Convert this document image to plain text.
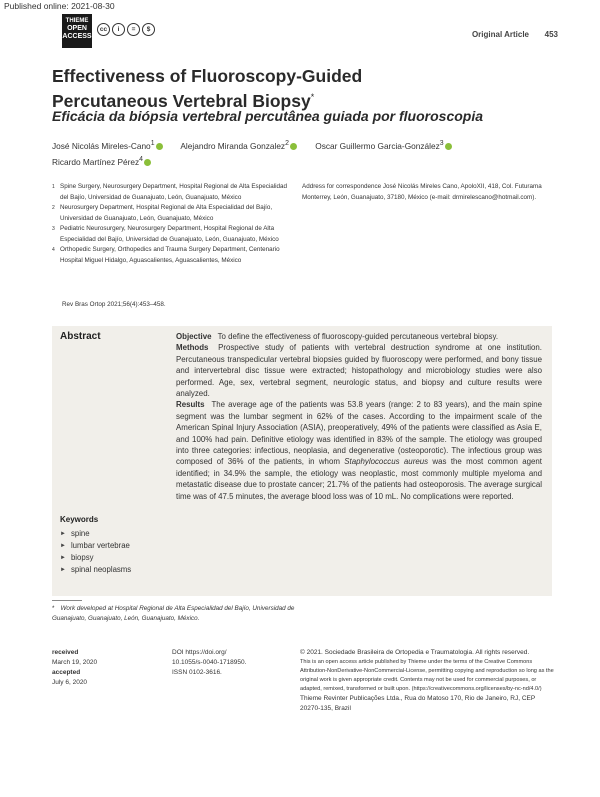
Published online: 2021-08-30
THIEME
OPEN
ACCESS
cc	i	=	$
Original Article 453
Effectiveness of Fluoroscopy-Guided
Percutaneous Vertebral Biopsy*
Eficácia da biópsia vertebral percutânea guiada por fluoroscopia
José Nicolás Mireles-Cano$^1$	Alejandro Miranda Gonzalez$^2$	Oscar Guillermo Garcia-González$^3$
Ricardo Martínez Pérez$^4$
1 Spine Surgery, Neurosurgery Department, Hospital Regional de Alta Especialidad del Bajío, Universidad de Guanajuato, León, Guanajuato, México
2 Neurosurgery Department, Hospital Regional de Alta Especialidad del Bajío, Universidad de Guanajuato, León, Guanajuato, México
3 Pediatric Neurosurgery, Neurosurgery Department, Hospital Regional de Alta Especialidad del Bajío, Universidad de Guanajuato, León, Guanajuato, México
4 Orthopedic Surgery, Orthopedics and Trauma Surgery Department, Centenario Hospital Miguel Hidalgo, Aguascalientes, Aguascalientes, México
Address for correspondence José Nicolás Mireles Cano, ApoloXII, 418, Col. Futurama Monterrey, León, Guanajuato, 37180, México (e-mail: drmirelescano@hotmail.com).
Rev Bras Ortop 2021;56(4):453–458.
Abstract	Objective To define the effectiveness of fluoroscopy-guided percutaneous vertebral biopsy.

Methods Prospective study of patients with vertebral destruction syndrome at one institution. Percutaneous transpedicular vertebral biopsies guided by fluoroscopy were performed, and bony tissue and intervertebral disc tissue were extracted; histopathology and microbiology studies were also performed. Age, sex, vertebral segment, neurologic status, and biopsy and culture results were analyzed.

Results The average age of the patients was 53.8 years (range: 2 to 83 years), and the main spine segment was the lumbar segment in 62% of the cases. According to the impairment scale of the American Spinal Injury Association (ASIA), preoperatively, 49% of the patients were classified as Asia E, and 100% had pain. Definitive etiology was identified in 83% of the sample. The etiology was grouped into three categories: infectious, neoplasia, and degenerative (osteoporotic). The infectious group was composed of 36% of the patients, in whom Staphylococcus aureus was the most common agent identified; in 34.9% the sample, the etiology was neoplastic, most commonly multiple myeloma and metastatic disease due to prostate cancer; 21.7% of the patients had osteoporosis. The average surgical time was of 47.5 minutes, the average blood loss was of 10 mL. No complications were reported.

Keywords
► spine
► lumbar vertebrae
► biopsy
► spinal neoplasms
* Work developed at Hospital Regional de Alta Especialidad del Bajío, Universidad de Guanajuato, Guanajuato, León, Guanajuato, México.
received
March 19, 2020
accepted
July 6, 2020
DOI https://doi.org/
10.1055/s-0040-1718950.
ISSN 0102-3616.
© 2021. Sociedade Brasileira de Ortopedia e Traumatologia. All rights reserved.
This is an open access article published by Thieme under the terms of the Creative Commons Attribution-NonDerivative-NonCommercial-License, permitting copying and reproduction so long as the original work is given appropriate credit. Contents may not be used for commercial purposes, or adapted, remixed, transformed or built upon. (https://creativecommons.org/licenses/by-nc-nd/4.0/)
Thieme Revinter Publicações Ltda., Rua do Matoso 170, Rio de Janeiro, RJ, CEP 20270-135, Brazil
